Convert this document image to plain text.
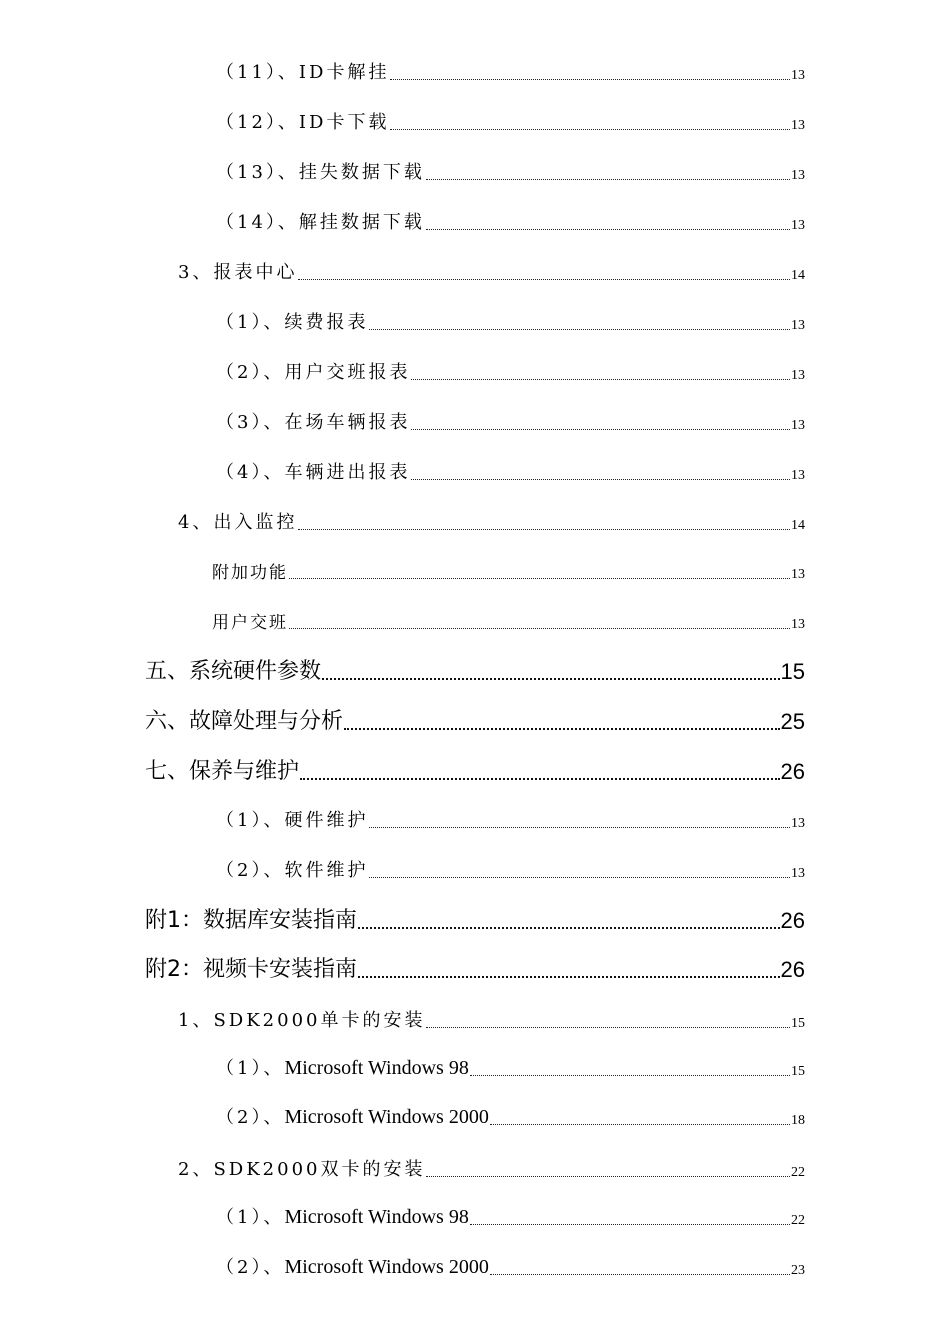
（11）、ID卡解挂	13
（12）、ID卡下载	13
（13）、挂失数据下载	13
（14）、解挂数据下载	13
3、报表中心	14
（1）、续费报表	13
（2）、用户交班报表	13
（3）、在场车辆报表	13
（4）、车辆进出报表	13
4、出入监控	14
附加功能	13
用户交班	13
五、系统硬件参数	15
六、故障处理与分析	25
七、保养与维护	26
（1）、硬件维护	13
（2）、软件维护	13
附1：数据库安装指南	26
附2：视频卡安装指南	26
1、SDK2000单卡的安装	15
（1）、Microsoft Windows 98	15
（2）、Microsoft Windows 2000	18
2、SDK2000双卡的安装	22
（1）、Microsoft Windows 98	22
（2）、Microsoft Windows 2000	23
